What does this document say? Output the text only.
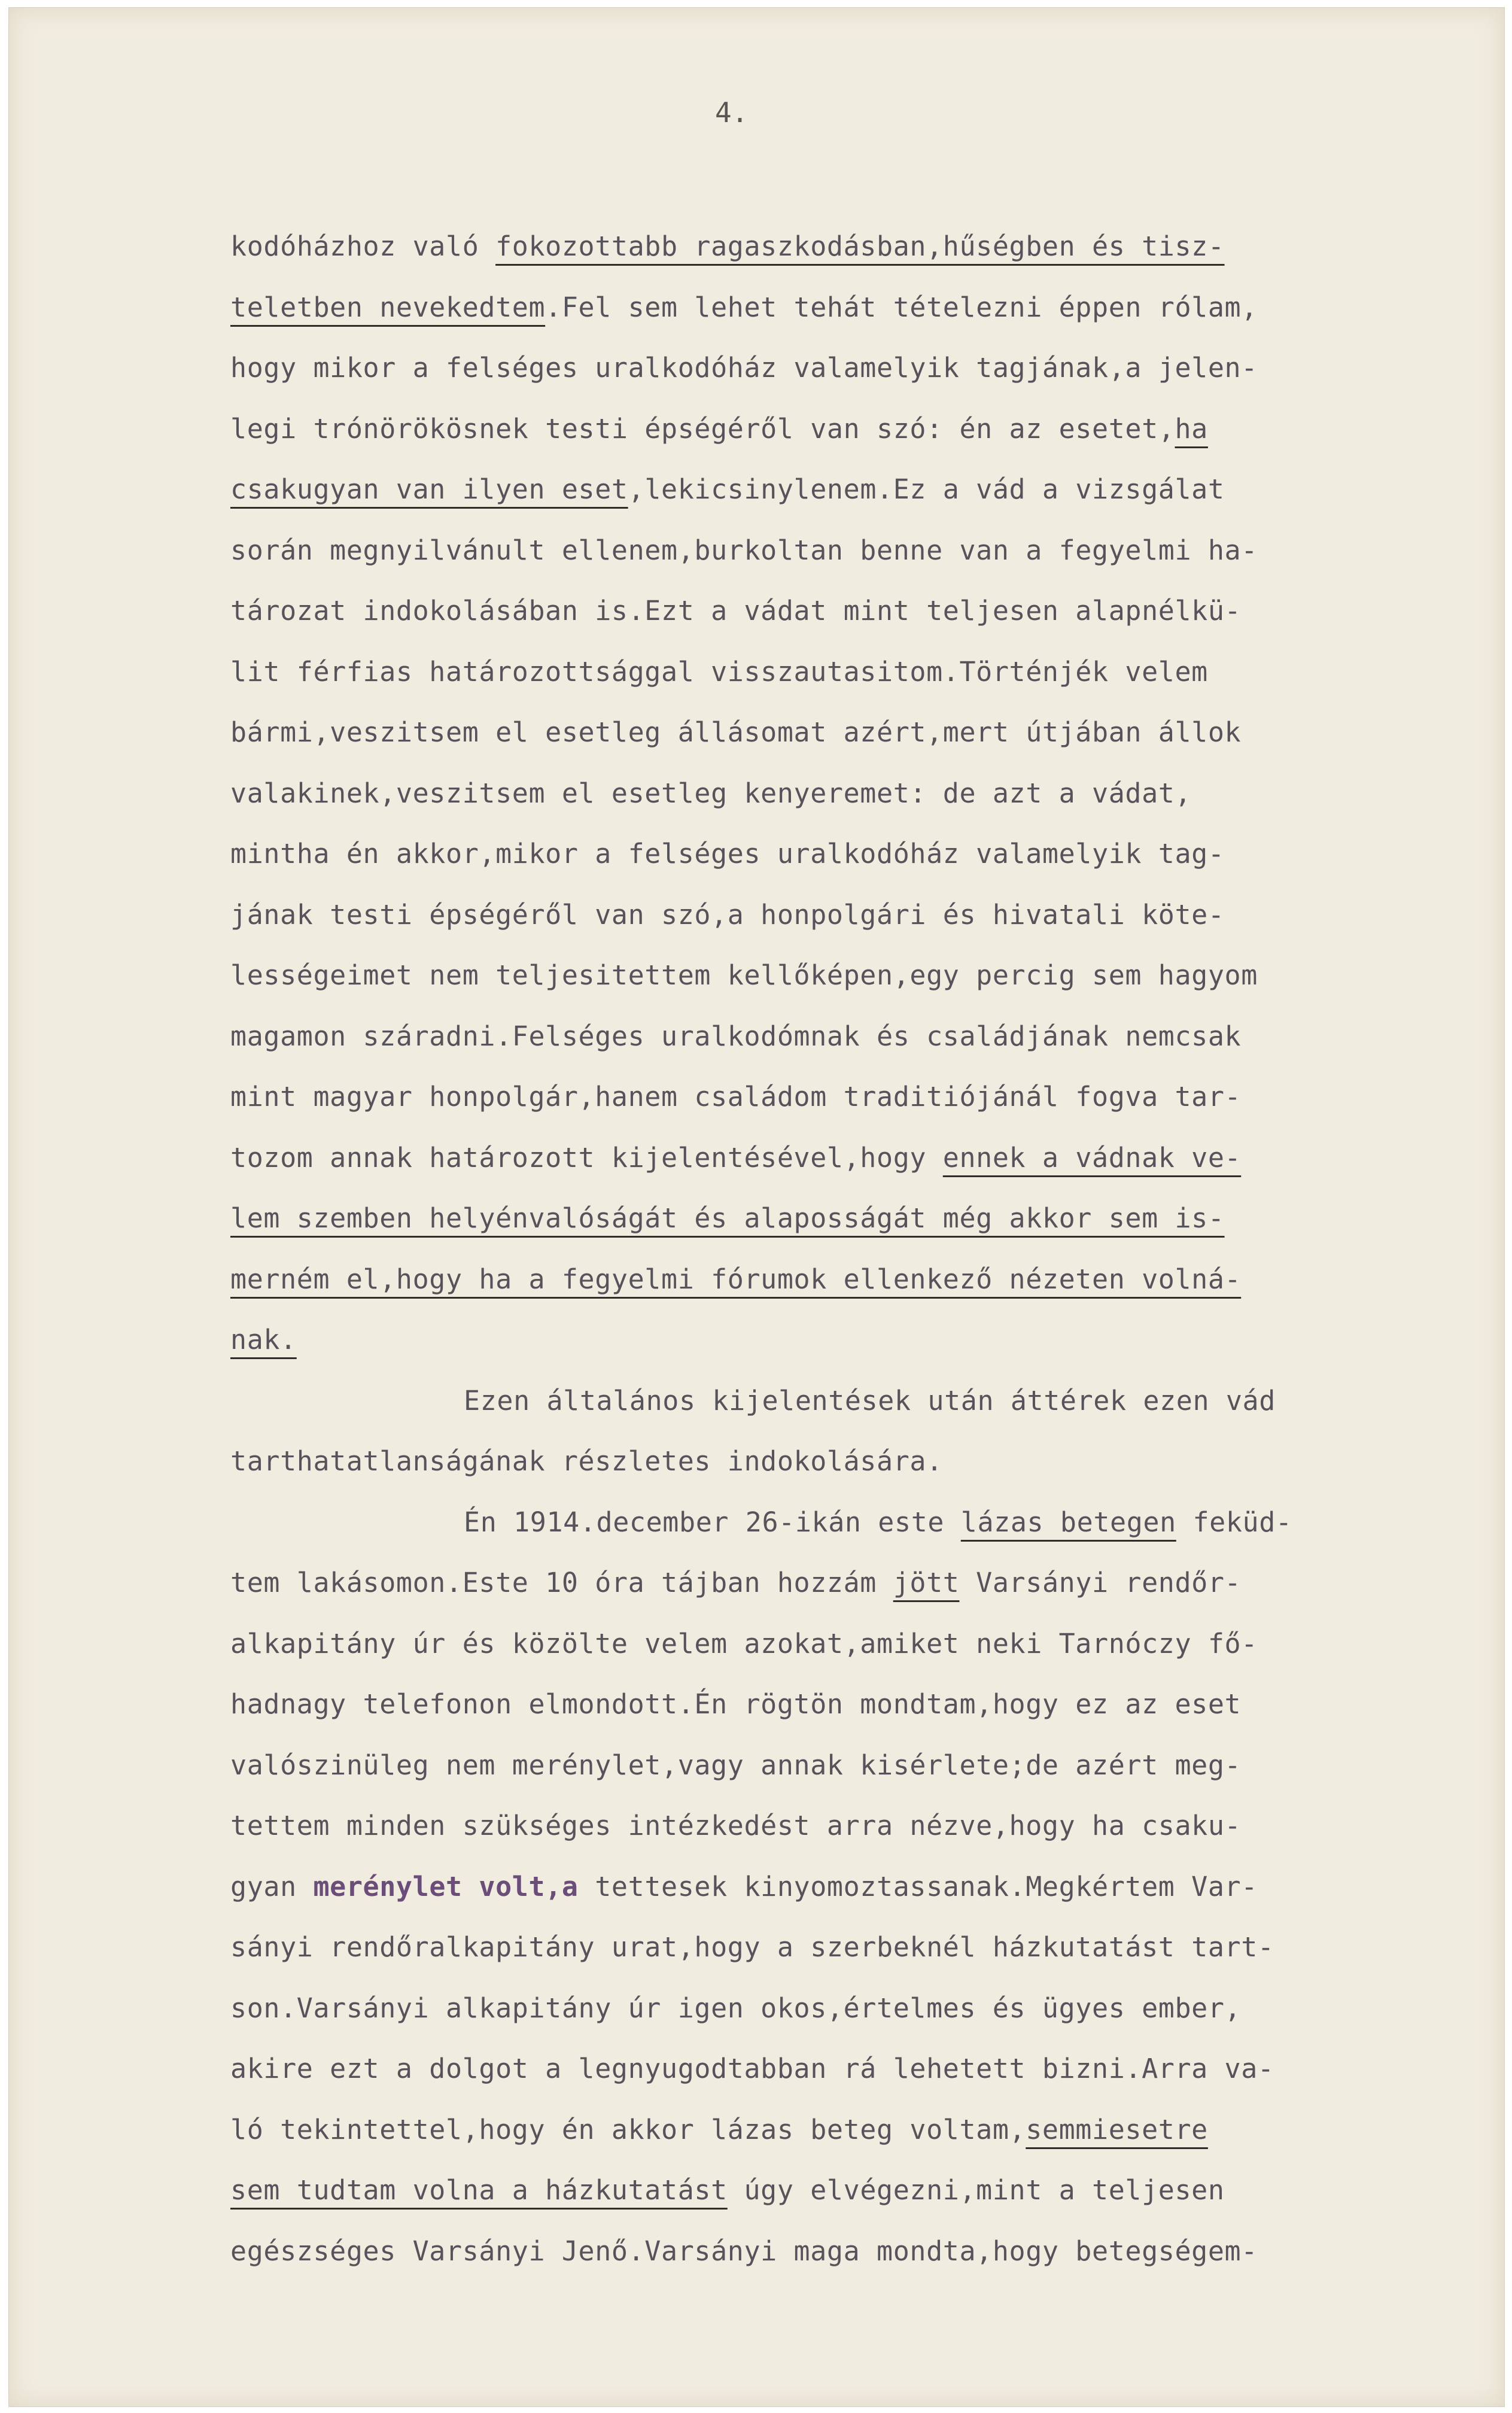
4.
kodóházhoz való fokozottabb ragaszkodásban,hűségben és tisz-
teletben nevekedtem.Fel sem lehet tehát tételezni éppen rólam,
hogy mikor a felséges uralkodóház valamelyik tagjának,a jelen-
legi trónörökösnek testi épségéről van szó: én az esetet,ha
csakugyan van ilyen eset,lekicsinylenem.Ez a vád a vizsgálat
során megnyilvánult ellenem,burkoltan benne van a fegyelmi ha-
tározat indokolásában is.Ezt a vádat mint teljesen alapnélkü-
lit férfias határozottsággal visszautasitom.Történjék velem
bármi,veszitsem el esetleg állásomat azért,mert útjában állok
valakinek,veszitsem el esetleg kenyeremet: de azt a vádat,
mintha én akkor,mikor a felséges uralkodóház valamelyik tag-
jának testi épségéről van szó,a honpolgári és hivatali köte-
lességeimet nem teljesitettem kellőképen,egy percig sem hagyom
magamon száradni.Felséges uralkodómnak és családjának nemcsak
mint magyar honpolgár,hanem családom traditiójánál fogva tar-
tozom annak határozott kijelentésével,hogy ennek a vádnak ve-
lem szemben helyénvalóságát és alaposságát még akkor sem is-
merném el,hogy ha a fegyelmi fórumok ellenkező nézeten volná-
nak.
Ezen általános kijelentések után áttérek ezen vád
tarthatatlanságának részletes indokolására.
Én 1914.december 26-ikán este lázas betegen feküd-
tem lakásomon.Este 10 óra tájban hozzám jött Varsányi rendőr-
alkapitány úr és közölte velem azokat,amiket neki Tarnóczy fő-
hadnagy telefonon elmondott.Én rögtön mondtam,hogy ez az eset
valószinüleg nem merénylet,vagy annak kisérlete;de azért meg-
tettem minden szükséges intézkedést arra nézve,hogy ha csaku-
gyan merénylet volt,a tettesek kinyomoztassanak.Megkértem Var-
sányi rendőralkapitány urat,hogy a szerbeknél házkutatást tart-
son.Varsányi alkapitány úr igen okos,értelmes és ügyes ember,
akire ezt a dolgot a legnyugodtabban rá lehetett bizni.Arra va-
ló tekintettel,hogy én akkor lázas beteg voltam,semmiesetre
sem tudtam volna a házkutatást úgy elvégezni,mint a teljesen
egészséges Varsányi Jenő.Varsányi maga mondta,hogy betegségem-
